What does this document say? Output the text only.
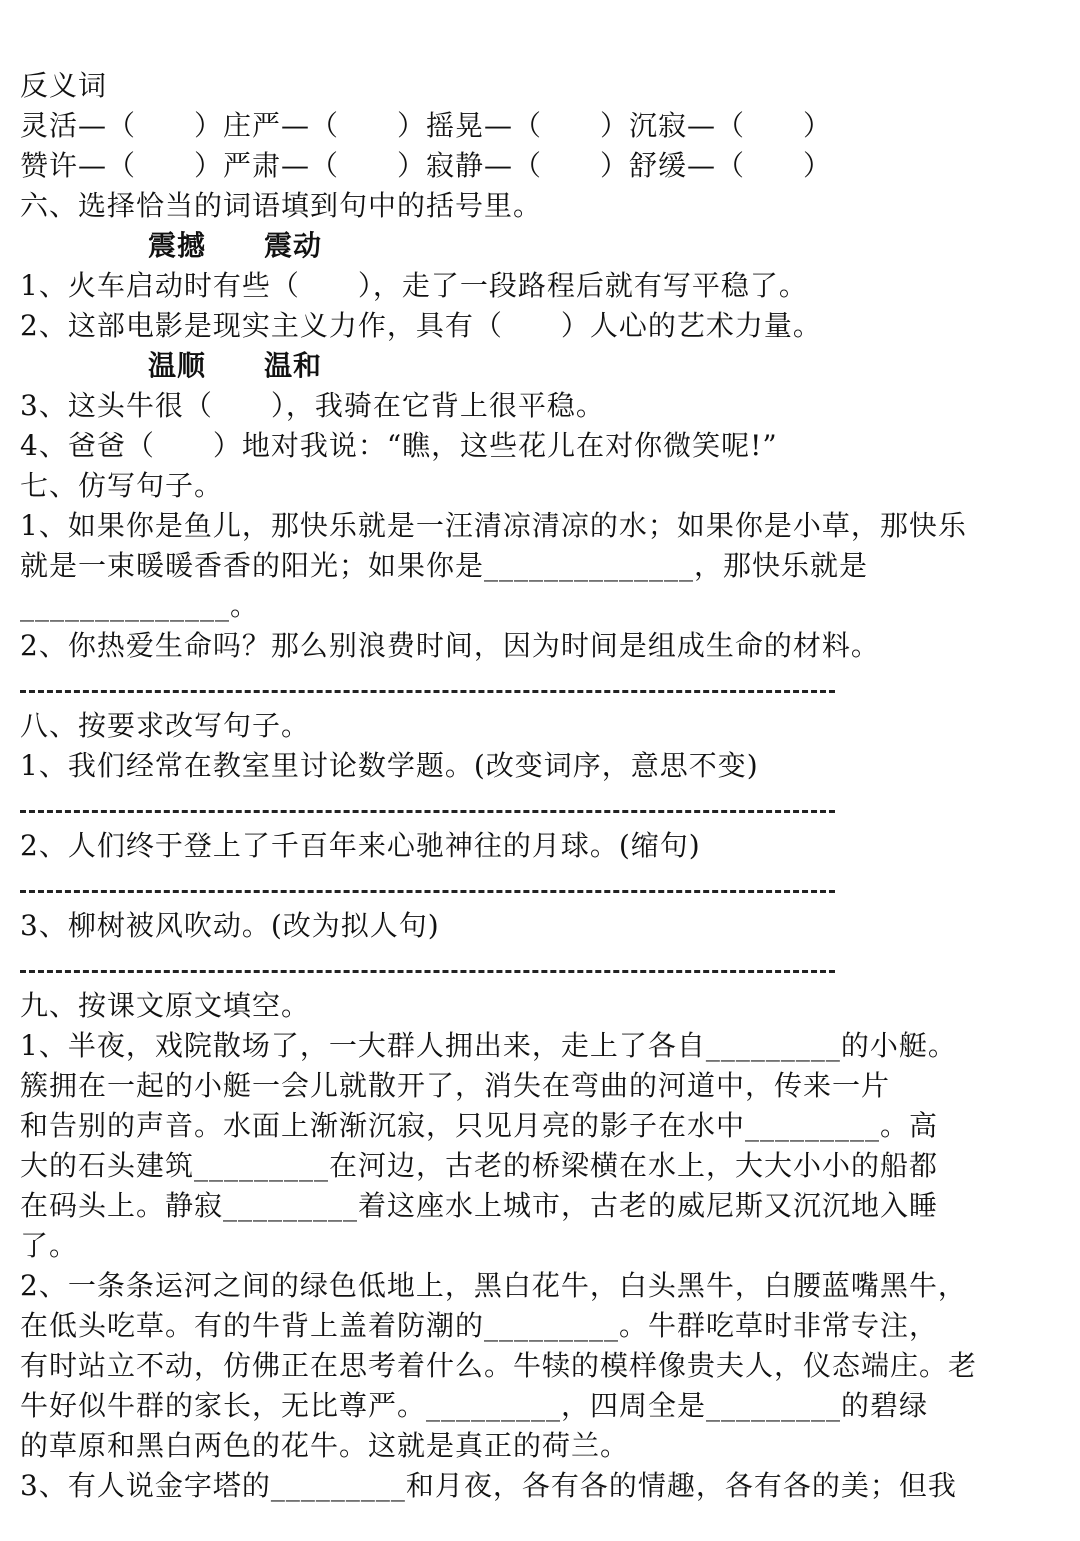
反义词
灵活—（　　）庄严—（　　）摇晃—（　　）沉寂—（　　）
赞许—（　　）严肃—（　　）寂静—（　　）舒缓—（　　）
六、选择恰当的词语填到句中的括号里。
震撼　　震动
1、火车启动时有些（　　），走了一段路程后就有写平稳了。
2、这部电影是现实主义力作，具有（　　）人心的艺术力量。
温顺　　温和
3、这头牛很（　　），我骑在它背上很平稳。
4、爸爸（　　）地对我说：“瞧，这些花儿在对你微笑呢!”
七、仿写句子。
1、如果你是鱼儿，那快乐就是一汪清凉清凉的水；如果你是小草，那快乐
就是一束暖暖香香的阳光；如果你是______________，那快乐就是
______________。
2、你热爱生命吗？那么别浪费时间，因为时间是组成生命的材料。
八、按要求改写句子。
1、我们经常在教室里讨论数学题。(改变词序，意思不变)
2、人们终于登上了千百年来心驰神往的月球。(缩句)
3、柳树被风吹动。(改为拟人句)
九、按课文原文填空。
1、半夜，戏院散场了，一大群人拥出来，走上了各自_________的小艇。
簇拥在一起的小艇一会儿就散开了，消失在弯曲的河道中，传来一片
和告别的声音。水面上渐渐沉寂，只见月亮的影子在水中_________。高
大的石头建筑_________在河边，古老的桥梁横在水上，大大小小的船都
在码头上。静寂_________着这座水上城市，古老的威尼斯又沉沉地入睡
了。
2、一条条运河之间的绿色低地上，黑白花牛，白头黑牛，白腰蓝嘴黑牛，
在低头吃草。有的牛背上盖着防潮的_________。牛群吃草时非常专注，
有时站立不动，仿佛正在思考着什么。牛犊的模样像贵夫人，仪态端庄。老
牛好似牛群的家长，无比尊严。_________，四周全是_________的碧绿
的草原和黑白两色的花牛。这就是真正的荷兰。
3、有人说金字塔的_________和月夜，各有各的情趣，各有各的美；但我
